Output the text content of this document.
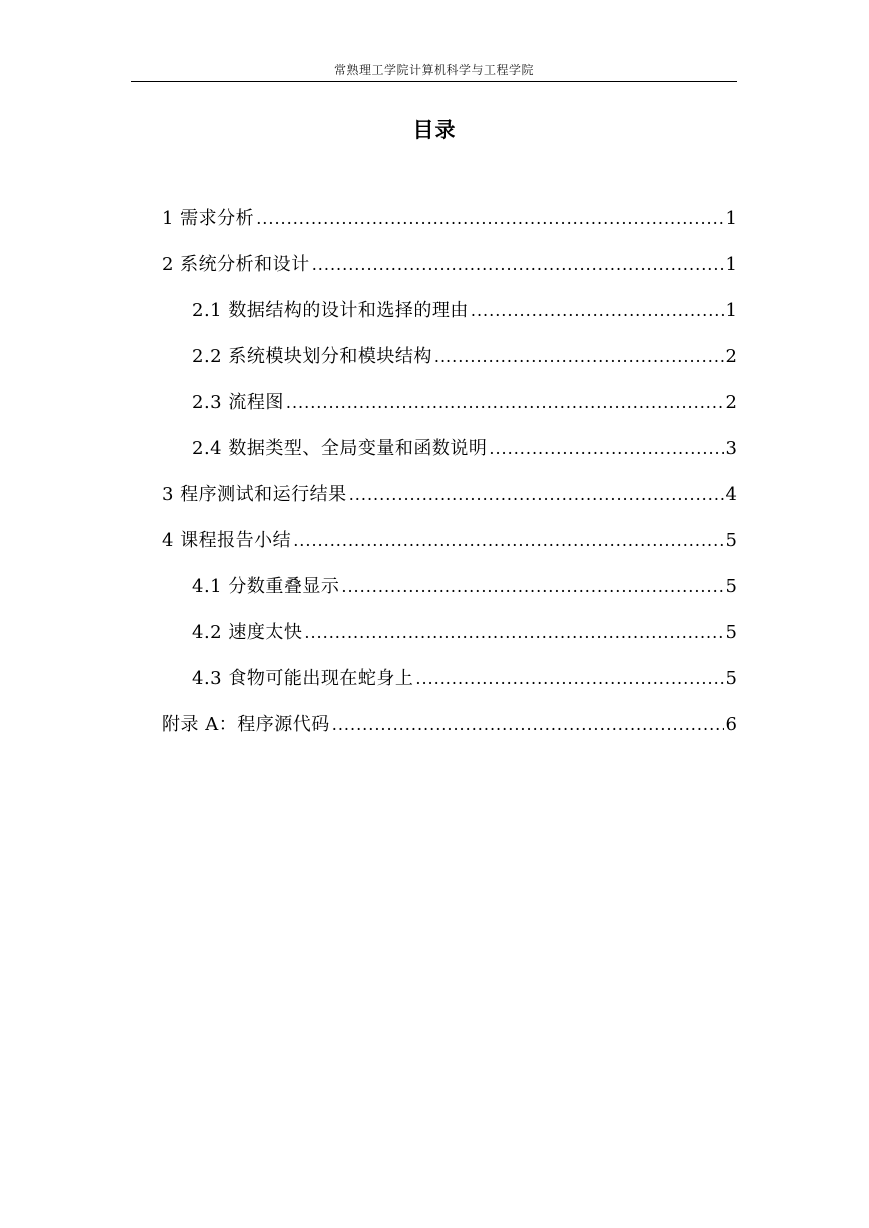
常熟理工学院计算机科学与工程学院
目录
1 需求分析 .....	1
2 系统分析和设计 .....	1
2.1 数据结构的设计和选择的理由 .....	1
2.2 系统模块划分和模块结构 .....	2
2.3 流程图 .....	2
2.4 数据类型、全局变量和函数说明 .....	3
3 程序测试和运行结果 .....	4
4 课程报告小结 .....	5
4.1 分数重叠显示 .....	5
4.2 速度太快 .....	5
4.3 食物可能出现在蛇身上 .....	5
附录 A：程序源代码 .....	6
